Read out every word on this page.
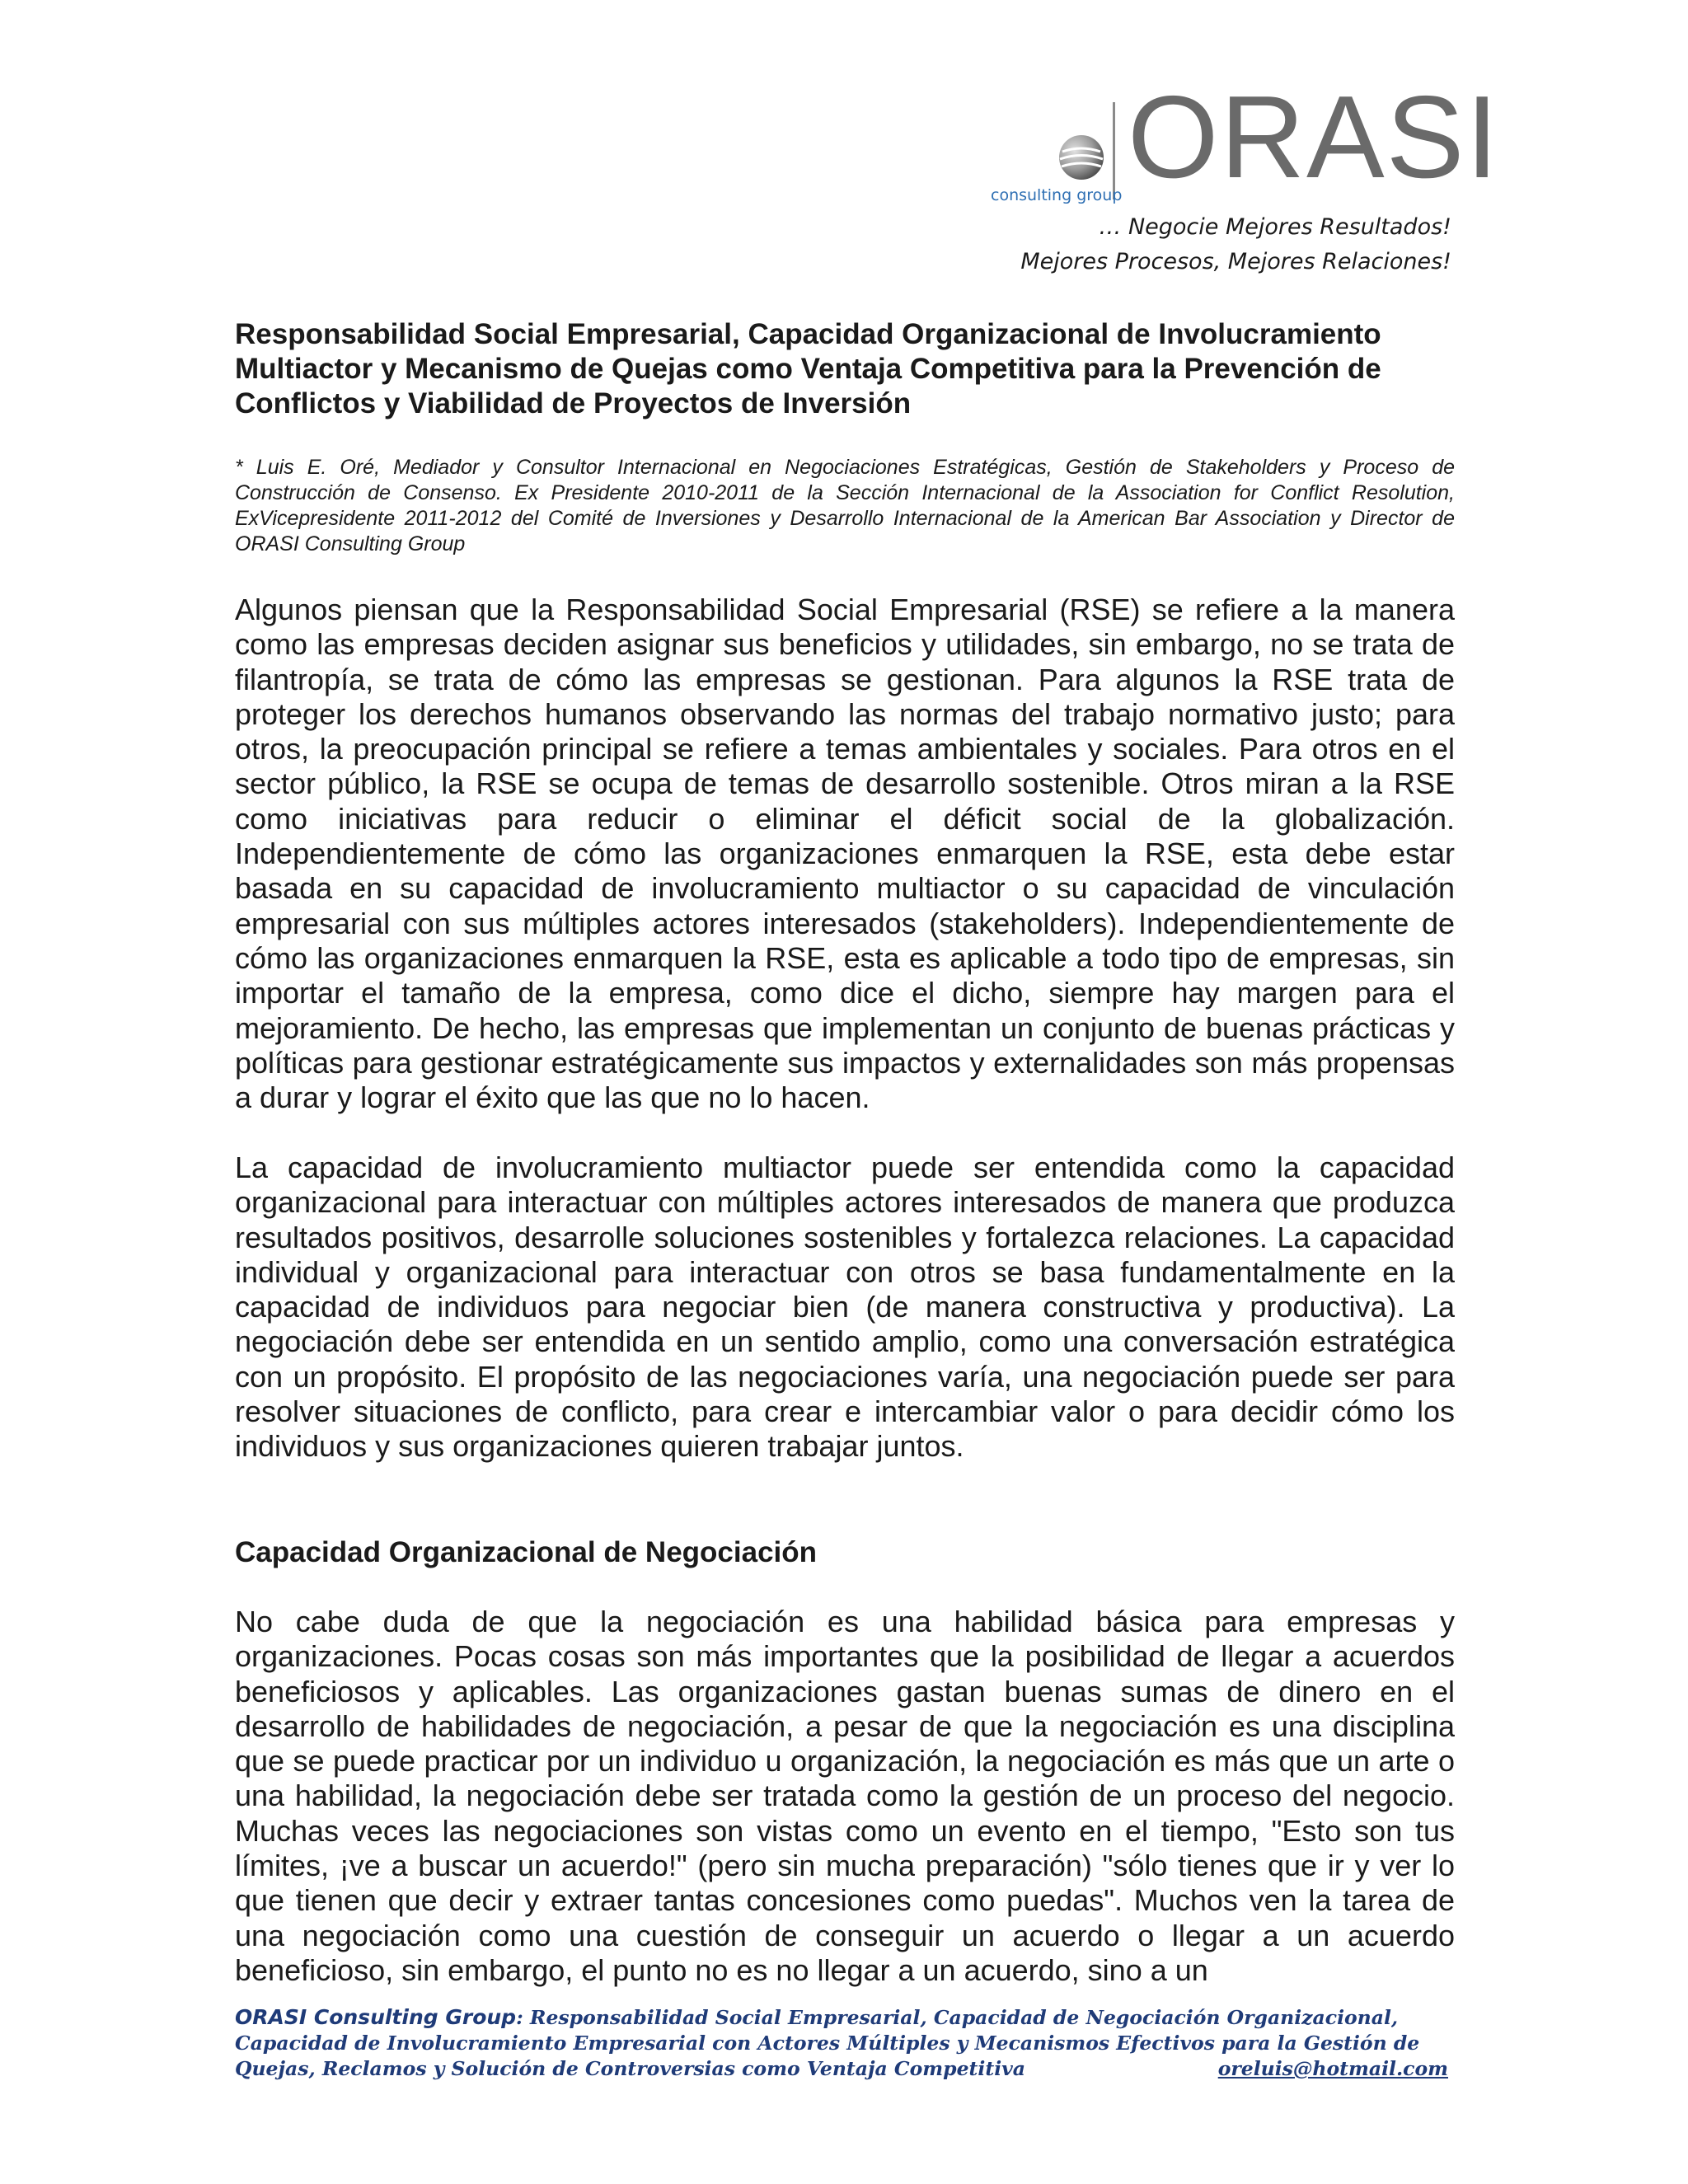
ORASI
consulting group
… Negocie Mejores Resultados!
Mejores Procesos, Mejores Relaciones!
Responsabilidad Social Empresarial, Capacidad Organizacional de Involucramiento Multiactor y Mecanismo de Quejas como Ventaja Competitiva para la Prevención de Conflictos y Viabilidad de Proyectos de Inversión

* Luis E. Oré, Mediador y Consultor Internacional en Negociaciones Estratégicas, Gestión de Stakeholders y Proceso de Construcción de Consenso. Ex Presidente 2010-2011 de la Sección Internacional de la Association for Conflict Resolution, ExVicepresidente 2011-2012 del Comité de Inversiones y Desarrollo Internacional de la American Bar Association y Director de ORASI Consulting Group

Algunos piensan que la Responsabilidad Social Empresarial (RSE) se refiere a la manera como las empresas deciden asignar sus beneficios y utilidades, sin embargo, no se trata de filantropía, se trata de cómo las empresas se gestionan. Para algunos la RSE trata de proteger los derechos humanos observando las normas del trabajo normativo justo; para otros, la preocupación principal se refiere a temas ambientales y sociales. Para otros en el sector público, la RSE se ocupa de temas de desarrollo sostenible. Otros miran a la RSE como iniciativas para reducir o eliminar el déficit social de la globalización. Independientemente de cómo las organizaciones enmarquen la RSE, esta debe estar basada en su capacidad de involucramiento multiactor o su capacidad de vinculación empresarial con sus múltiples actores interesados (stakeholders). Independientemente de cómo las organizaciones enmarquen la RSE, esta es aplicable a todo tipo de empresas, sin importar el tamaño de la empresa, como dice el dicho, siempre hay margen para el mejoramiento. De hecho, las empresas que implementan un conjunto de buenas prácticas y políticas para gestionar estratégicamente sus impactos y externalidades son más propensas a durar y lograr el éxito que las que no lo hacen.

La capacidad de involucramiento multiactor puede ser entendida como la capacidad organizacional para interactuar con múltiples actores interesados de manera que produzca resultados positivos, desarrolle soluciones sostenibles y fortalezca relaciones. La capacidad individual y organizacional para interactuar con otros se basa fundamentalmente en la capacidad de individuos para negociar bien (de manera constructiva y productiva). La negociación debe ser entendida en un sentido amplio, como una conversación estratégica con un propósito. El propósito de las negociaciones varía, una negociación puede ser para resolver situaciones de conflicto, para crear e intercambiar valor o para decidir cómo los individuos y sus organizaciones quieren trabajar juntos.

Capacidad Organizacional de Negociación

No cabe duda de que la negociación es una habilidad básica para empresas y organizaciones. Pocas cosas son más importantes que la posibilidad de llegar a acuerdos beneficiosos y aplicables. Las organizaciones gastan buenas sumas de dinero en el desarrollo de habilidades de negociación, a pesar de que la negociación es una disciplina que se puede practicar por un individuo u organización, la negociación es más que un arte o una habilidad, la negociación debe ser tratada como la gestión de un proceso del negocio. Muchas veces las negociaciones son vistas como un evento en el tiempo, "Esto son tus límites, ¡ve a buscar un acuerdo!" (pero sin mucha preparación) "sólo tienes que ir y ver lo que tienen que decir y extraer tantas concesiones como puedas". Muchos ven la tarea de una negociación como una cuestión de conseguir un acuerdo o llegar a un acuerdo beneficioso, sin embargo, el punto no es no llegar a un acuerdo, sino a un

ORASI Consulting Group: Responsabilidad Social Empresarial, Capacidad de Negociación Organizacional, Capacidad de Involucramiento Empresarial con Actores Múltiples y Mecanismos Efectivos para la Gestión de Quejas, Reclamos y Solución de Controversias como Ventaja Competitiva	oreluis@hotmail.com
